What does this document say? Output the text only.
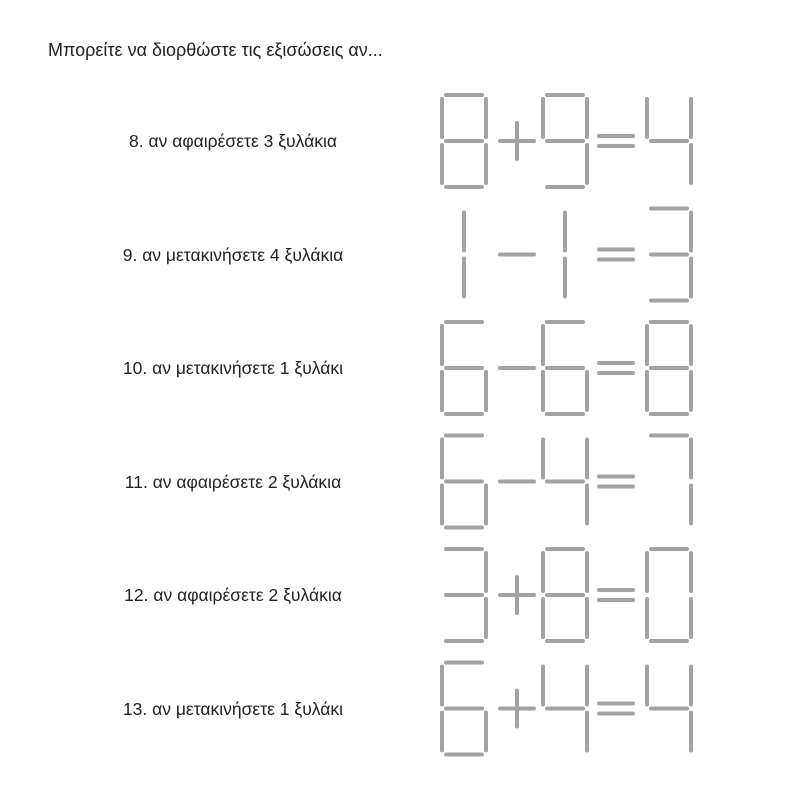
Μπορείτε να διορθώστε τις εξισώσεις αν...
8. αν αφαιρέσετε 3 ξυλάκια
9. αν μετακινήσετε 4 ξυλάκια
10. αν μετακινήσετε 1 ξυλάκι
11. αν αφαιρέσετε 2 ξυλάκια
12. αν αφαιρέσετε 2 ξυλάκια
13. αν μετακινήσετε 1 ξυλάκι
